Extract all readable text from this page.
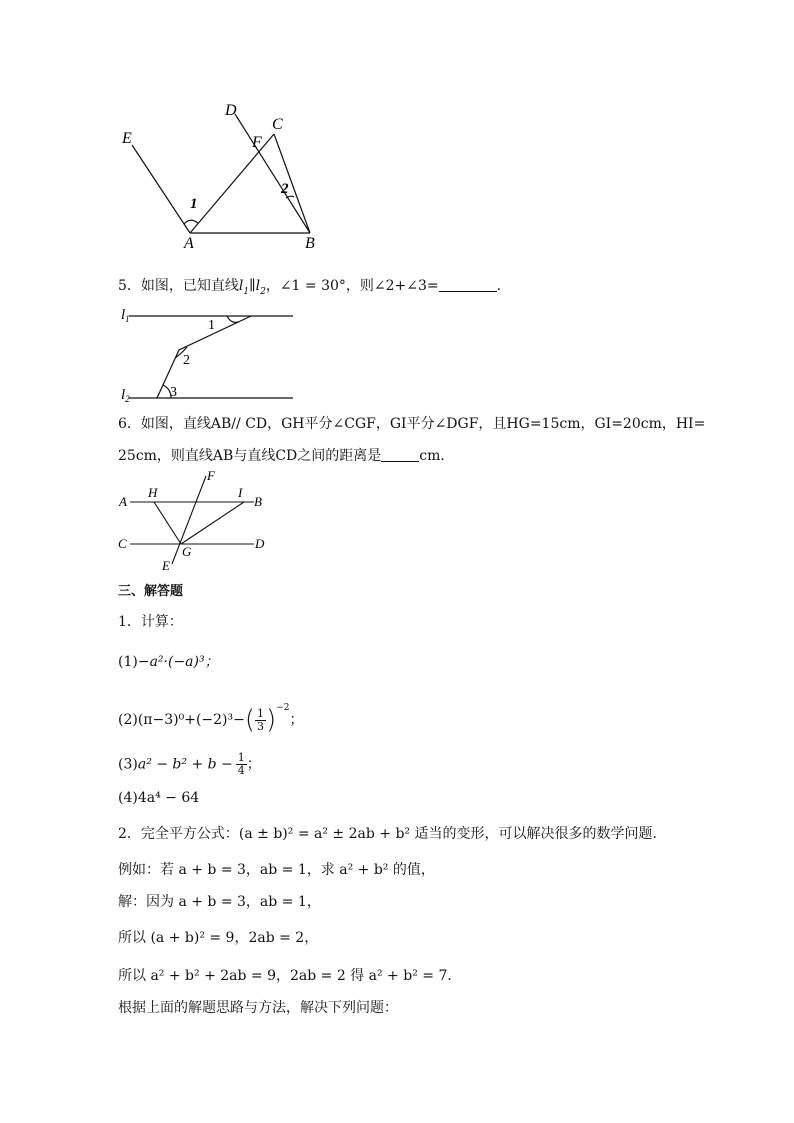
E
D
C
F
A	B
1
2
5．如图，已知直线$l_1\parallel l_2$，∠1 = 30°，则∠2+∠3=	.
$l_1$
$l_2$
1
2
3
6．如图，直线AB// CD，GH平分∠CGF，GI平分∠DGF，且HG=15cm，GI=20cm，HI=
25cm，则直线AB与直线CD之间的距离是	cm.
A
H
F
I
B
C
G
D
E
三、解答题
1．计算：
(1)−a²·(−a)³；
$(2)(\pi-3)^0+(-2)^3-( \frac{1}{3} )^{-2}$；
$(3)a^2 - b^2 + b - \frac{1}{4}$ ；
(4)4a⁴ − 64
2．完全平方公式：(a ± b)² = a² ± 2ab + b² 适当的变形，可以解决很多的数学问题．
例如：若 a + b = 3，ab = 1，求 a² + b² 的值，
解：因为 a + b = 3，ab = 1，
所以 (a + b)² = 9，2ab = 2，
所以 a² + b² + 2ab = 9，2ab = 2 得 a² + b² = 7．
根据上面的解题思路与方法，解决下列问题：
